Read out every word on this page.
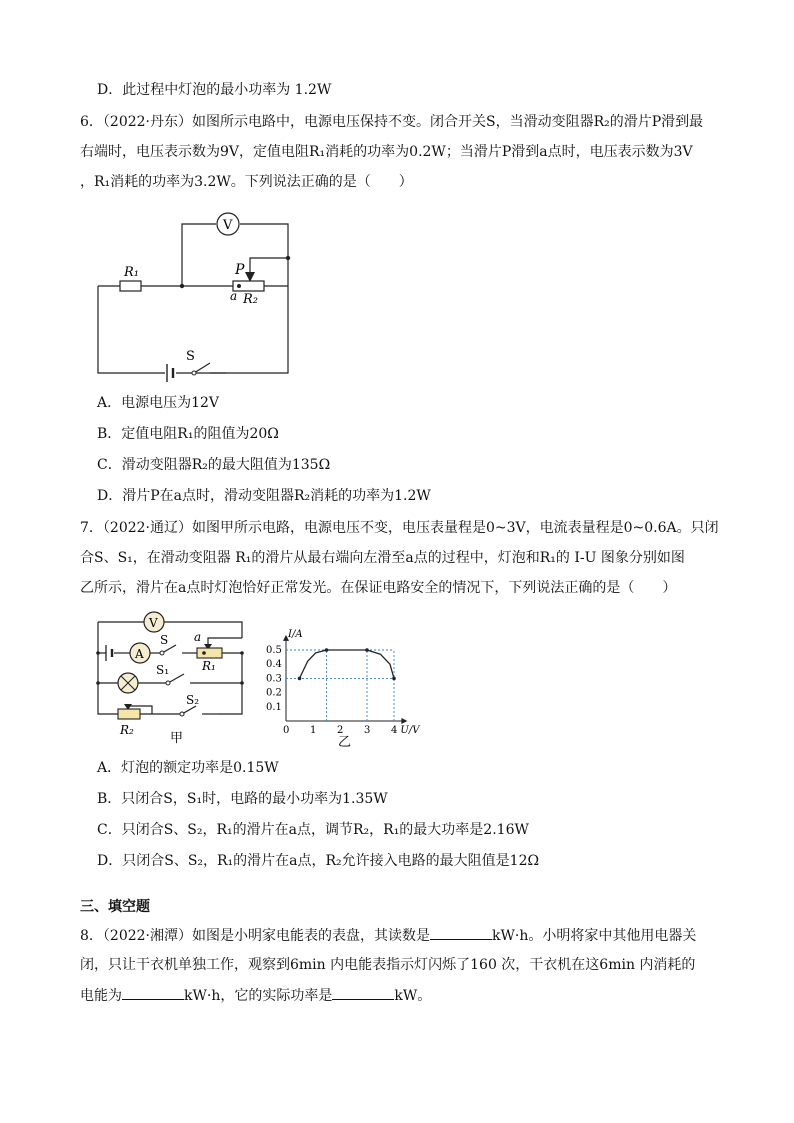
D．此过程中灯泡的最小功率为 1.2W
6．（2022·丹东）如图所示电路中，电源电压保持不变。闭合开关S，当滑动变阻器R₂的滑片P滑到最
右端时，电压表示数为9V，定值电阻R₁消耗的功率为0.2W；当滑片P滑到a点时，电压表示数为3V
，R₁消耗的功率为3.2W。下列说法正确的是（　　）
V
R₁	P
a R₂
S
A．电源电压为12V
B．定值电阻R₁的阻值为20Ω
C．滑动变阻器R₂的最大阻值为135Ω
D．滑片P在a点时，滑动变阻器R₂消耗的功率为1.2W
7．（2022·通辽）如图甲所示电路，电源电压不变，电压表量程是0~3V，电流表量程是0~0.6A。只闭
合S、S₁，在滑动变阻器 R₁的滑片从最右端向左滑至a点的过程中，灯泡和R₁的 I-U 图象分别如图
乙所示，滑片在a点时灯泡恰好正常发光。在保证电路安全的情况下，下列说法正确的是（　　）
V
A
S a
R₁
S₁
S₂
R₂
甲
0 1 2 3 4
0.1
0.2
0.3
0.4
0.5
I/A
U/V
乙
A．灯泡的额定功率是0.15W
B．只闭合S，S₁时，电路的最小功率为1.35W
C．只闭合S、S₂，R₁的滑片在a点，调节R₂，R₁的最大功率是2.16W
D．只闭合S、S₂，R₁的滑片在a点，R₂允许接入电路的最大阻值是12Ω
三、填空题
8．（2022·湘潭）如图是小明家电能表的表盘，其读数是	kW·h。小明将家中其他用电器关
闭，只让干衣机单独工作，观察到6min 内电能表指示灯闪烁了160 次，干衣机在这6min 内消耗的
电能为	kW·h，它的实际功率是	kW。
